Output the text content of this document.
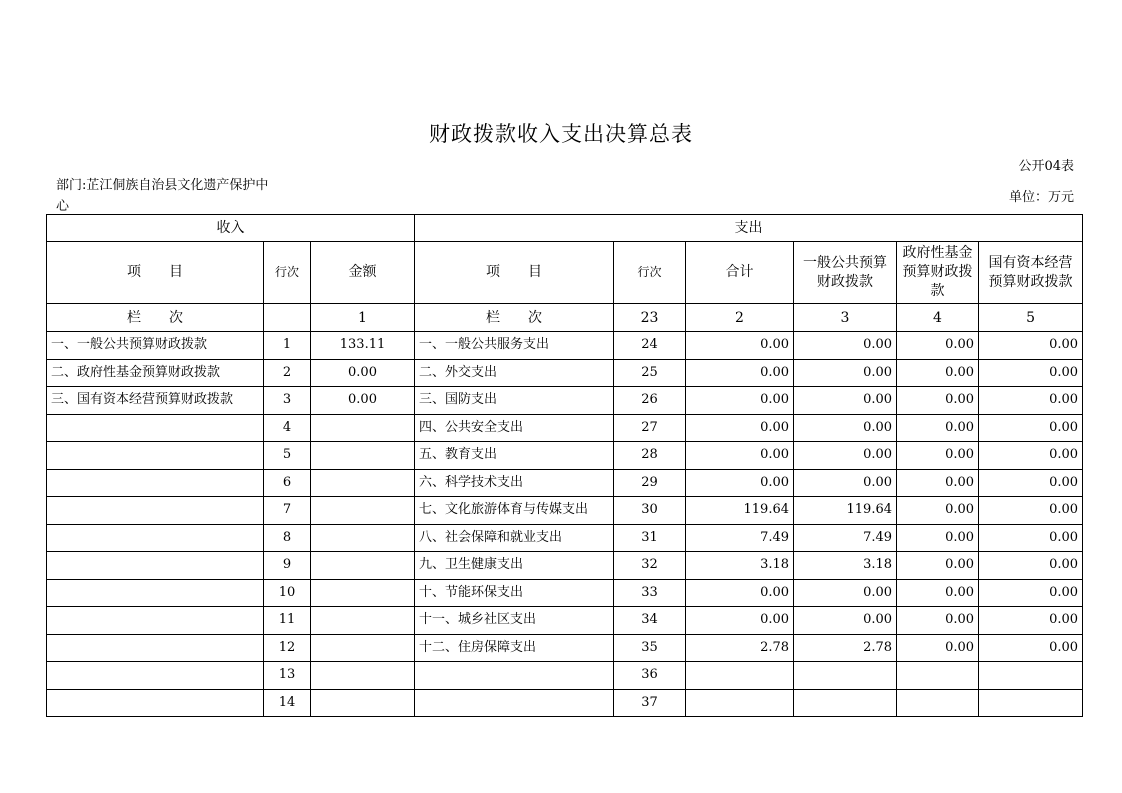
财政拨款收入支出决算总表
公开04表
部门:芷江侗族自治县文化遗产保护中心
单位：万元
收入			支出					
项　　目	行次	金额	项　　目	行次	合计	一般公共预算财政拨款	政府性基金预算财政拨款	国有资本经营预算财政拨款
栏　　次		1	栏　　次	23	2	3	4	5
一、一般公共预算财政拨款	1	133.11	一、一般公共服务支出	24	0.00	0.00	0.00	0.00
二、政府性基金预算财政拨款	2	0.00	二、外交支出	25	0.00	0.00	0.00	0.00
三、国有资本经营预算财政拨款	3	0.00	三、国防支出	26	0.00	0.00	0.00	0.00
	4		四、公共安全支出	27	0.00	0.00	0.00	0.00
	5		五、教育支出	28	0.00	0.00	0.00	0.00
	6		六、科学技术支出	29	0.00	0.00	0.00	0.00
	7		七、文化旅游体育与传媒支出	30	119.64	119.64	0.00	0.00
	8		八、社会保障和就业支出	31	7.49	7.49	0.00	0.00
	9		九、卫生健康支出	32	3.18	3.18	0.00	0.00
	10		十、节能环保支出	33	0.00	0.00	0.00	0.00
	11		十一、城乡社区支出	34	0.00	0.00	0.00	0.00
	12		十二、住房保障支出	35	2.78	2.78	0.00	0.00
	13			36				
	14			37				
